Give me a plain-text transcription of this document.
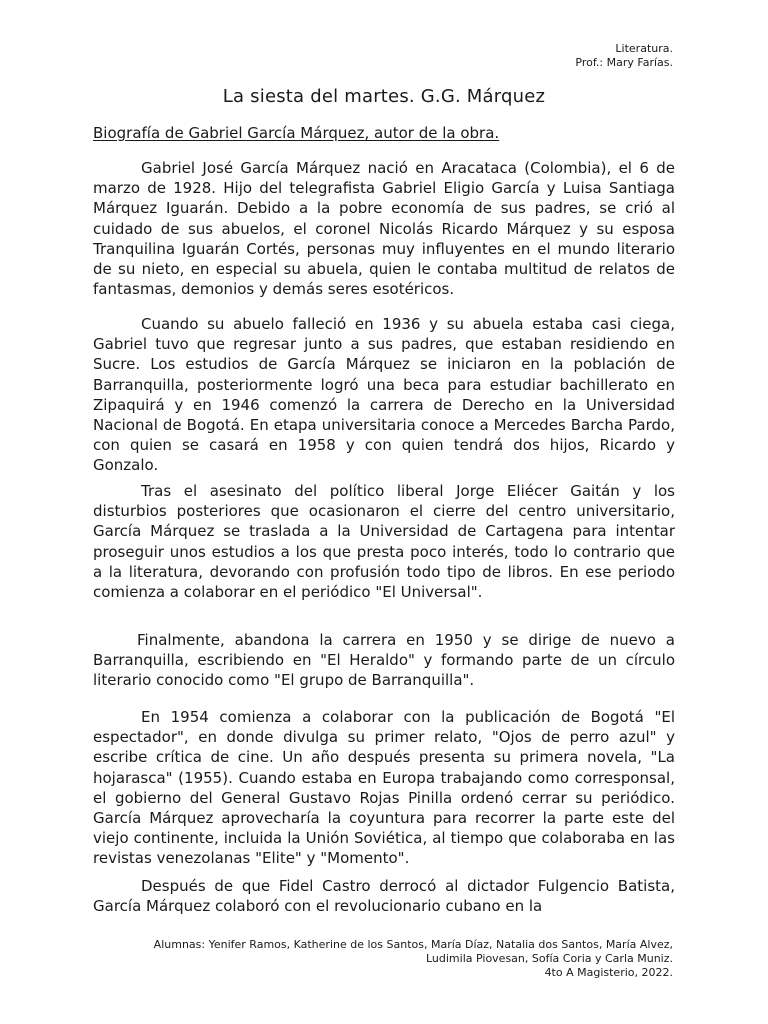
Literatura.
Prof.: Mary Farías.
La siesta del martes. G.G. Márquez
Biografía de Gabriel García Márquez, autor de la obra.

Gabriel José García Márquez nació en Aracataca (Colombia), el 6 de marzo de 1928. Hijo del telegrafista Gabriel Eligio García y Luisa Santiaga Márquez Iguarán. Debido a la pobre economía de sus padres, se crió al cuidado de sus abuelos, el coronel Nicolás Ricardo Márquez y su esposa Tranquilina Iguarán Cortés, personas muy influyentes en el mundo literario de su nieto, en especial su abuela, quien le contaba multitud de relatos de fantasmas, demonios y demás seres esotéricos.

Cuando su abuelo falleció en 1936 y su abuela estaba casi ciega, Gabriel tuvo que regresar junto a sus padres, que estaban residiendo en Sucre. Los estudios de García Márquez se iniciaron en la población de Barranquilla, posteriormente logró una beca para estudiar bachillerato en Zipaquirá y en 1946 comenzó la carrera de Derecho en la Universidad Nacional de Bogotá. En etapa universitaria conoce a Mercedes Barcha Pardo, con quien se casará en 1958 y con quien tendrá dos hijos, Ricardo y Gonzalo.

Tras el asesinato del político liberal Jorge Eliécer Gaitán y los disturbios posteriores que ocasionaron el cierre del centro universitario, García Márquez se traslada a la Universidad de Cartagena para intentar proseguir unos estudios a los que presta poco interés, todo lo contrario que a la literatura, devorando con profusión todo tipo de libros. En ese periodo comienza a colaborar en el periódico "El Universal".

Finalmente, abandona la carrera en 1950 y se dirige de nuevo a Barranquilla, escribiendo en "El Heraldo" y formando parte de un círculo literario conocido como "El grupo de Barranquilla".

En 1954 comienza a colaborar con la publicación de Bogotá "El espectador", en donde divulga su primer relato, "Ojos de perro azul" y escribe crítica de cine. Un año después presenta su primera novela, "La hojarasca" (1955). Cuando estaba en Europa trabajando como corresponsal, el gobierno del General Gustavo Rojas Pinilla ordenó cerrar su periódico. García Márquez aprovecharía la coyuntura para recorrer la parte este del viejo continente, incluida la Unión Soviética, al tiempo que colaboraba en las revistas venezolanas "Elite" y "Momento".

Después de que Fidel Castro derrocó al dictador Fulgencio Batista, García Márquez colaboró con el revolucionario cubano en la

Alumnas: Yenifer Ramos, Katherine de los Santos, María Díaz, Natalia dos Santos, María Alvez,
Ludimila Piovesan, Sofía Coria y Carla Muniz.
4to A Magisterio, 2022.
